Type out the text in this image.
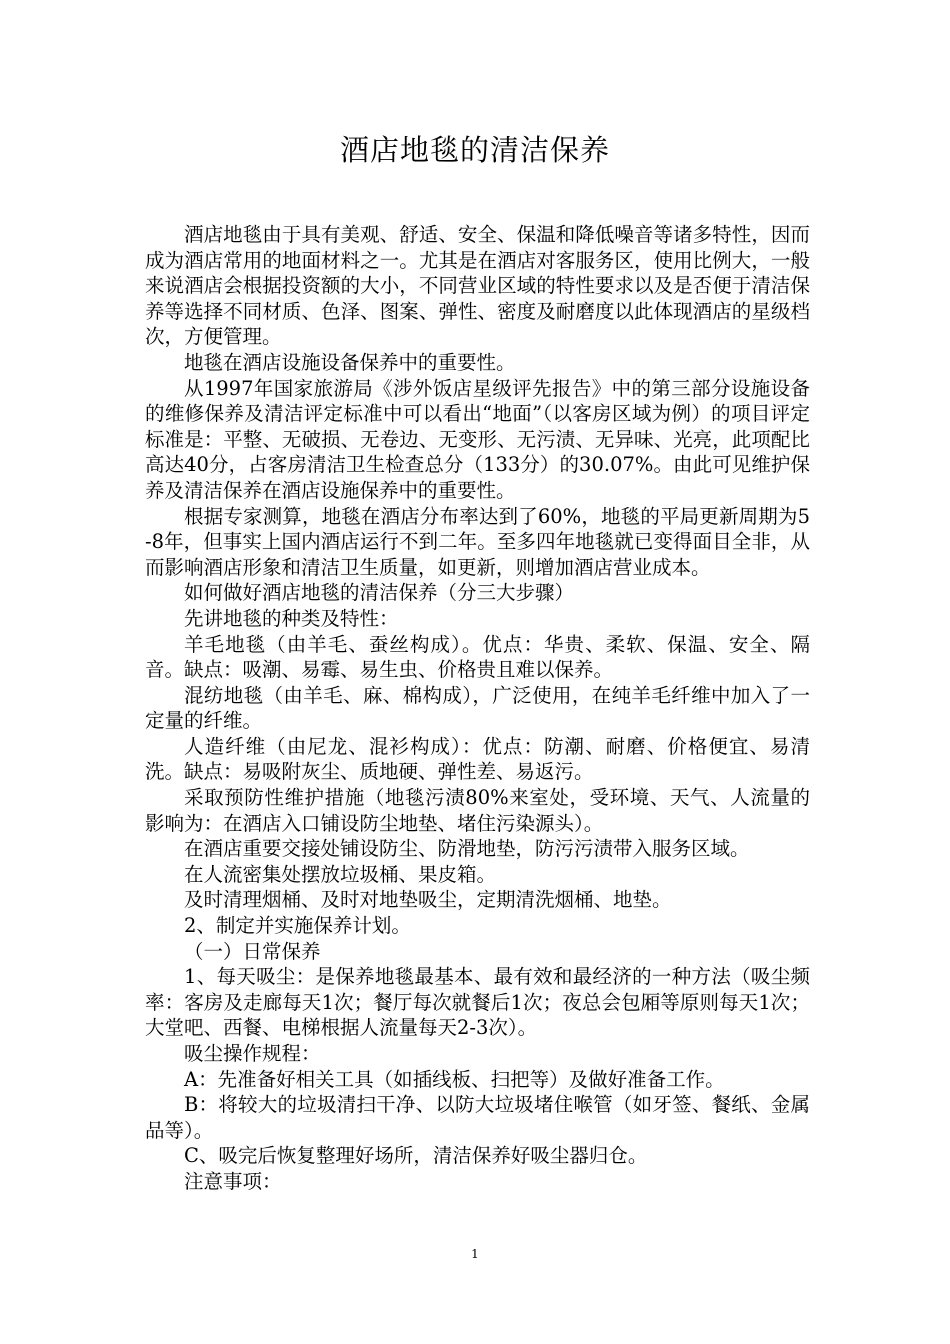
酒店地毯的清洁保养

酒店地毯由于具有美观、舒适、安全、保温和降低噪音等诸多特性，因而成为酒店常用的地面材料之一。尤其是在酒店对客服务区，使用比例大，一般来说酒店会根据投资额的大小，不同营业区域的特性要求以及是否便于清洁保养等选择不同材质、色泽、图案、弹性、密度及耐磨度以此体现酒店的星级档次，方便管理。

地毯在酒店设施设备保养中的重要性。

从1997年国家旅游局《涉外饭店星级评先报告》中的第三部分设施设备的维修保养及清洁评定标准中可以看出“地面”（以客房区域为例）的项目评定标准是：平整、无破损、无卷边、无变形、无污渍、无异味、光亮，此项配比高达40分，占客房清洁卫生检查总分（133分）的30.07%。由此可见维护保养及清洁保养在酒店设施保养中的重要性。

根据专家测算，地毯在酒店分布率达到了60%，地毯的平局更新周期为5-8年，但事实上国内酒店运行不到二年。至多四年地毯就已变得面目全非，从而影响酒店形象和清洁卫生质量，如更新，则增加酒店营业成本。

如何做好酒店地毯的清洁保养（分三大步骤）

先讲地毯的种类及特性：

羊毛地毯（由羊毛、蚕丝构成）。优点：华贵、柔软、保温、安全、隔音。缺点：吸潮、易霉、易生虫、价格贵且难以保养。

混纺地毯（由羊毛、麻、棉构成），广泛使用，在纯羊毛纤维中加入了一定量的纤维。

人造纤维（由尼龙、混衫构成）：优点：防潮、耐磨、价格便宜、易清洗。缺点：易吸附灰尘、质地硬、弹性差、易返污。

采取预防性维护措施（地毯污渍80%来室处，受环境、天气、人流量的影响为：在酒店入口铺设防尘地垫、堵住污染源头）。

在酒店重要交接处铺设防尘、防滑地垫，防污污渍带入服务区域。

在人流密集处摆放垃圾桶、果皮箱。

及时清理烟桶、及时对地垫吸尘，定期清洗烟桶、地垫。

2、制定并实施保养计划。

（一）日常保养

1、每天吸尘：是保养地毯最基本、最有效和最经济的一种方法（吸尘频率：客房及走廊每天1次；餐厅每次就餐后1次；夜总会包厢等原则每天1次；大堂吧、西餐、电梯根据人流量每天2-3次）。

吸尘操作规程：

A：先准备好相关工具（如插线板、扫把等）及做好准备工作。

B：将较大的垃圾清扫干净、以防大垃圾堵住喉管（如牙签、餐纸、金属品等）。

C、吸完后恢复整理好场所，清洁保养好吸尘器归仓。

注意事项：

1
